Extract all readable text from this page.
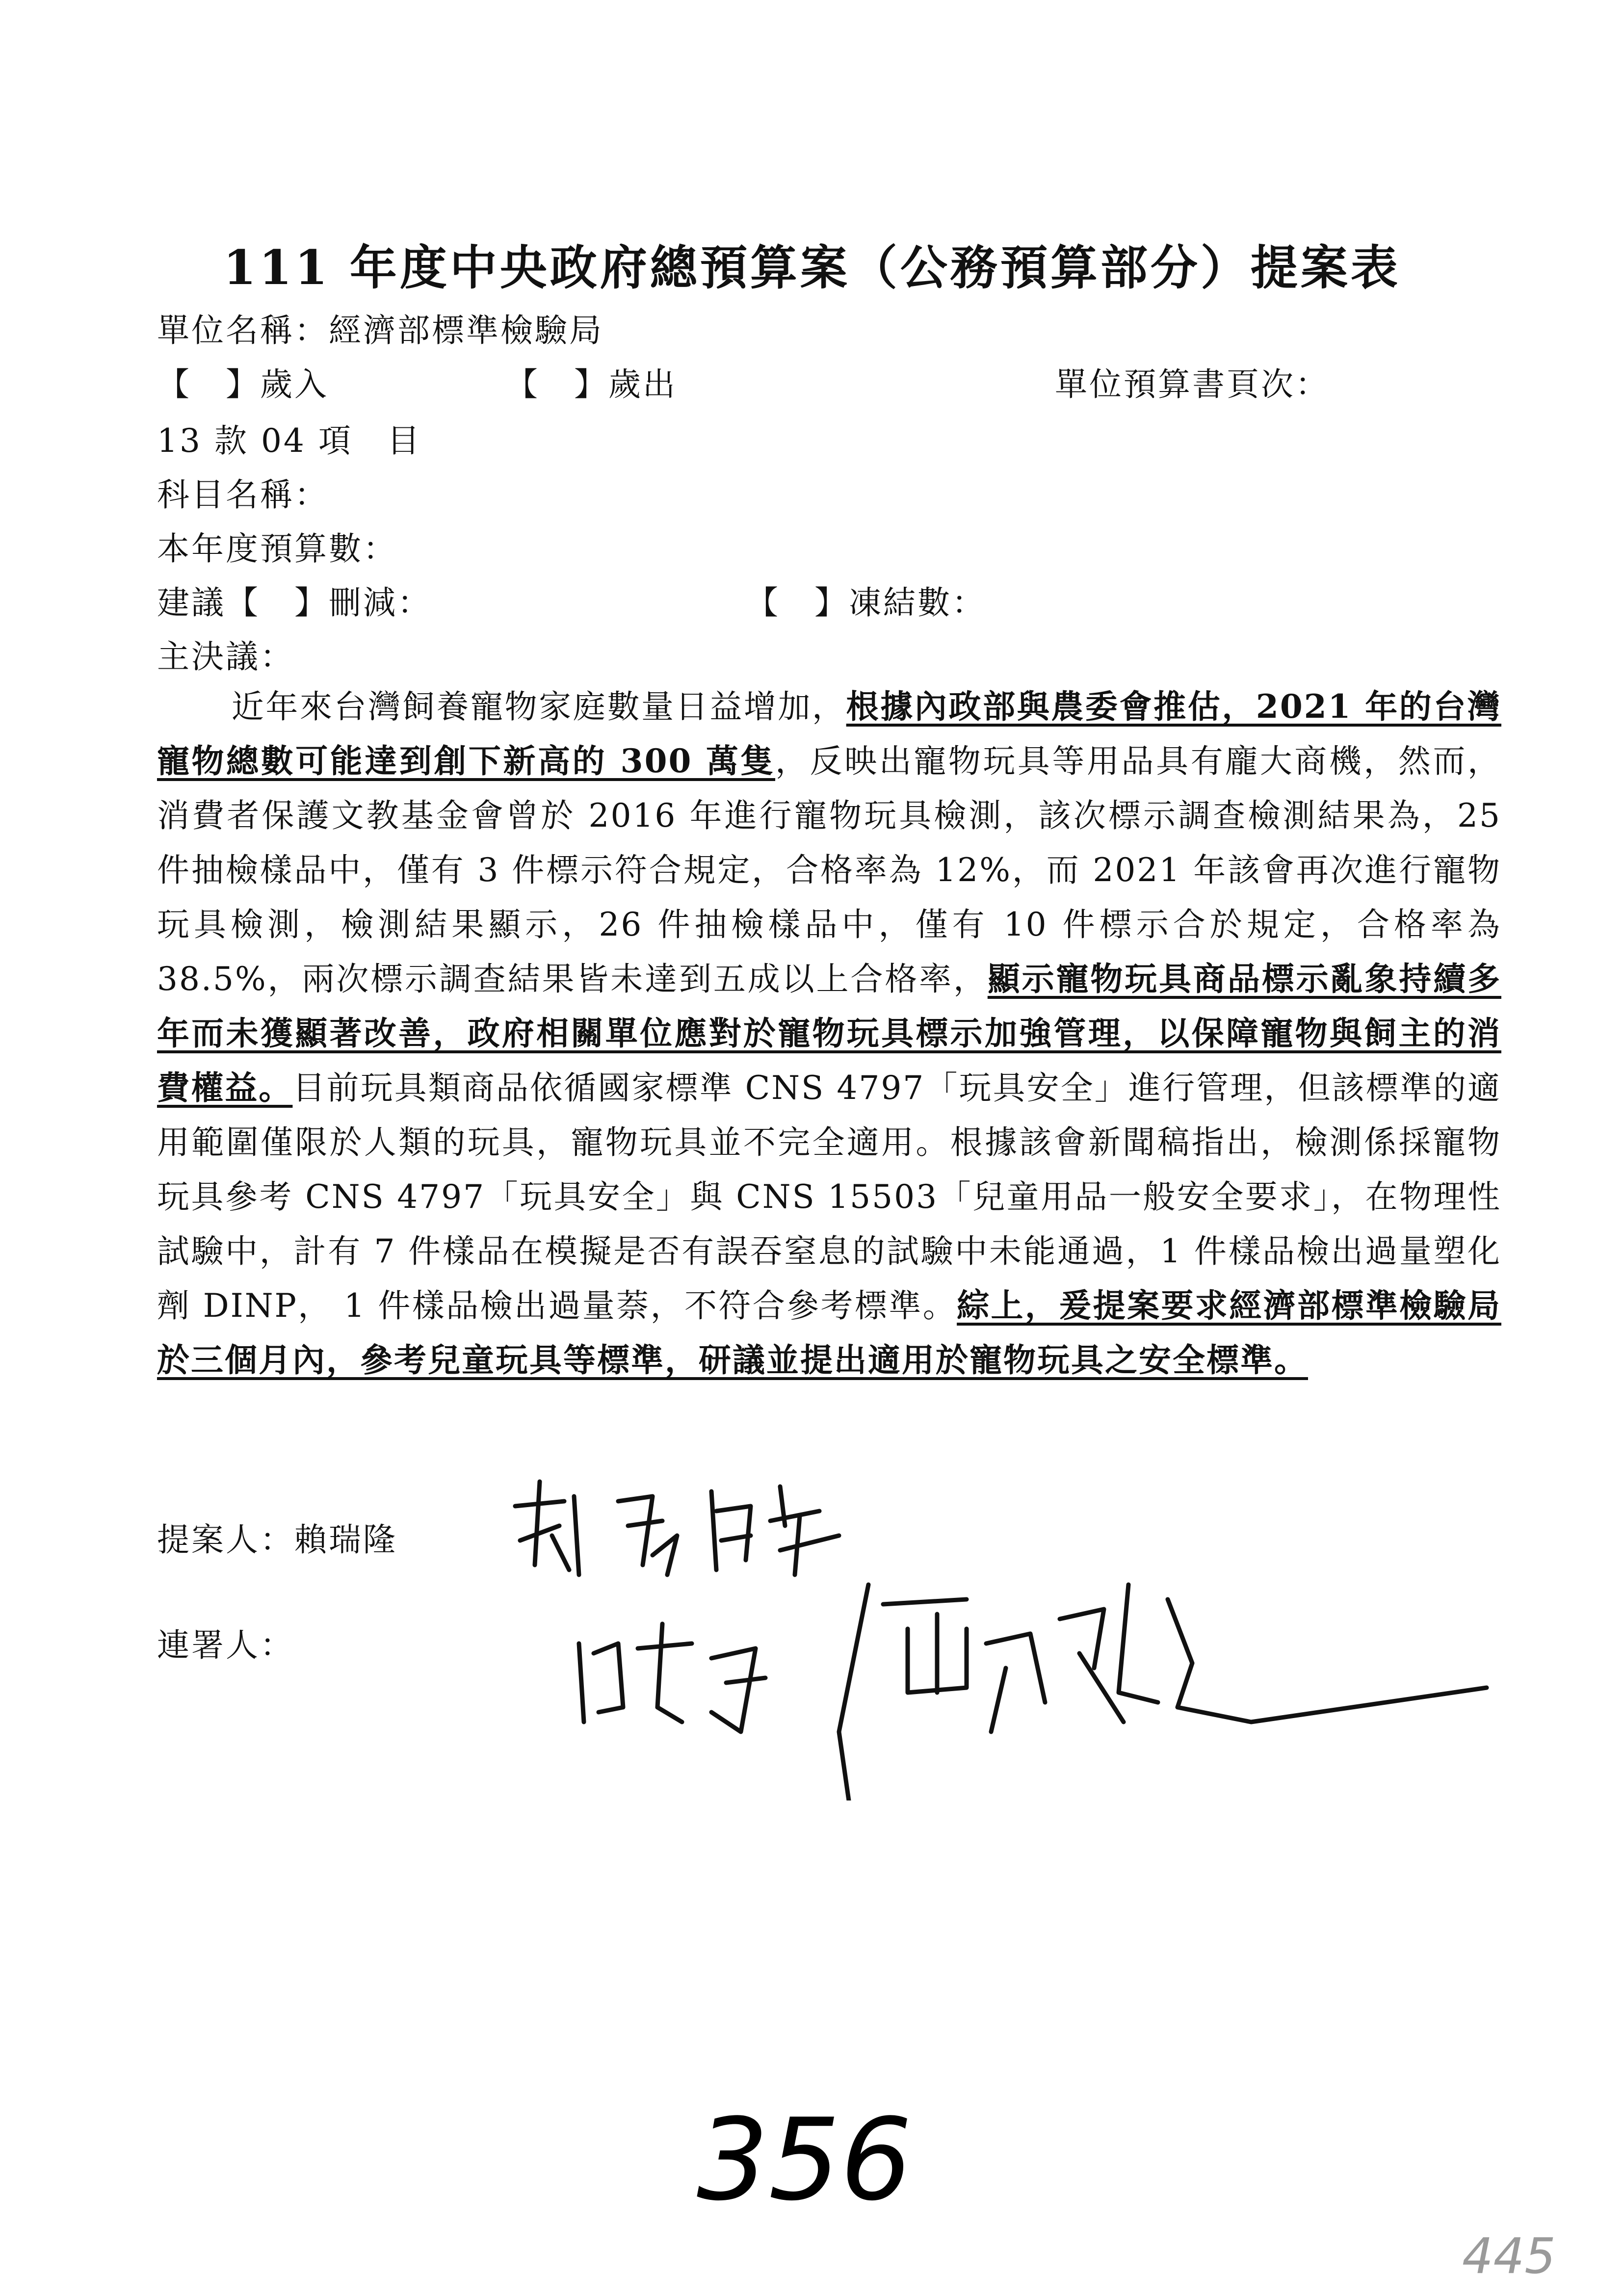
111 年度中央政府總預算案（公務預算部分）提案表
單位名稱：經濟部標準檢驗局
【　】歲入	【　】歲出	單位預算書頁次：
13 款 04 項　目
科目名稱：
本年度預算數：
建議【　】刪減：	【　】凍結數：
主決議：

近年來台灣飼養寵物家庭數量日益增加，根據內政部與農委會推估，2021 年的台灣寵物總數可能達到創下新高的 300 萬隻，反映出寵物玩具等用品具有龐大商機，然而，消費者保護文教基金會曾於 2016 年進行寵物玩具檢測，該次標示調查檢測結果為，25 件抽檢樣品中，僅有 3 件標示符合規定，合格率為 12%，而 2021 年該會再次進行寵物玩具檢測，檢測結果顯示，26 件抽檢樣品中，僅有 10 件標示合於規定，合格率為 38.5%，兩次標示調查結果皆未達到五成以上合格率，顯示寵物玩具商品標示亂象持續多年而未獲顯著改善，政府相關單位應對於寵物玩具標示加強管理，以保障寵物與飼主的消費權益。目前玩具類商品依循國家標準 CNS 4797「玩具安全」進行管理，但該標準的適用範圍僅限於人類的玩具，寵物玩具並不完全適用。根據該會新聞稿指出，檢測係採寵物玩具參考 CNS 4797「玩具安全」與 CNS 15503「兒童用品一般安全要求」，在物理性試驗中，計有 7 件樣品在模擬是否有誤吞窒息的試驗中未能通過，1 件樣品檢出過量塑化劑 DINP， 1 件樣品檢出過量萘，不符合參考標準。綜上，爰提案要求經濟部標準檢驗局於三個月內，參考兒童玩具等標準，研議並提出適用於寵物玩具之安全標準。

提案人：賴瑞隆
連署人：
356
445
